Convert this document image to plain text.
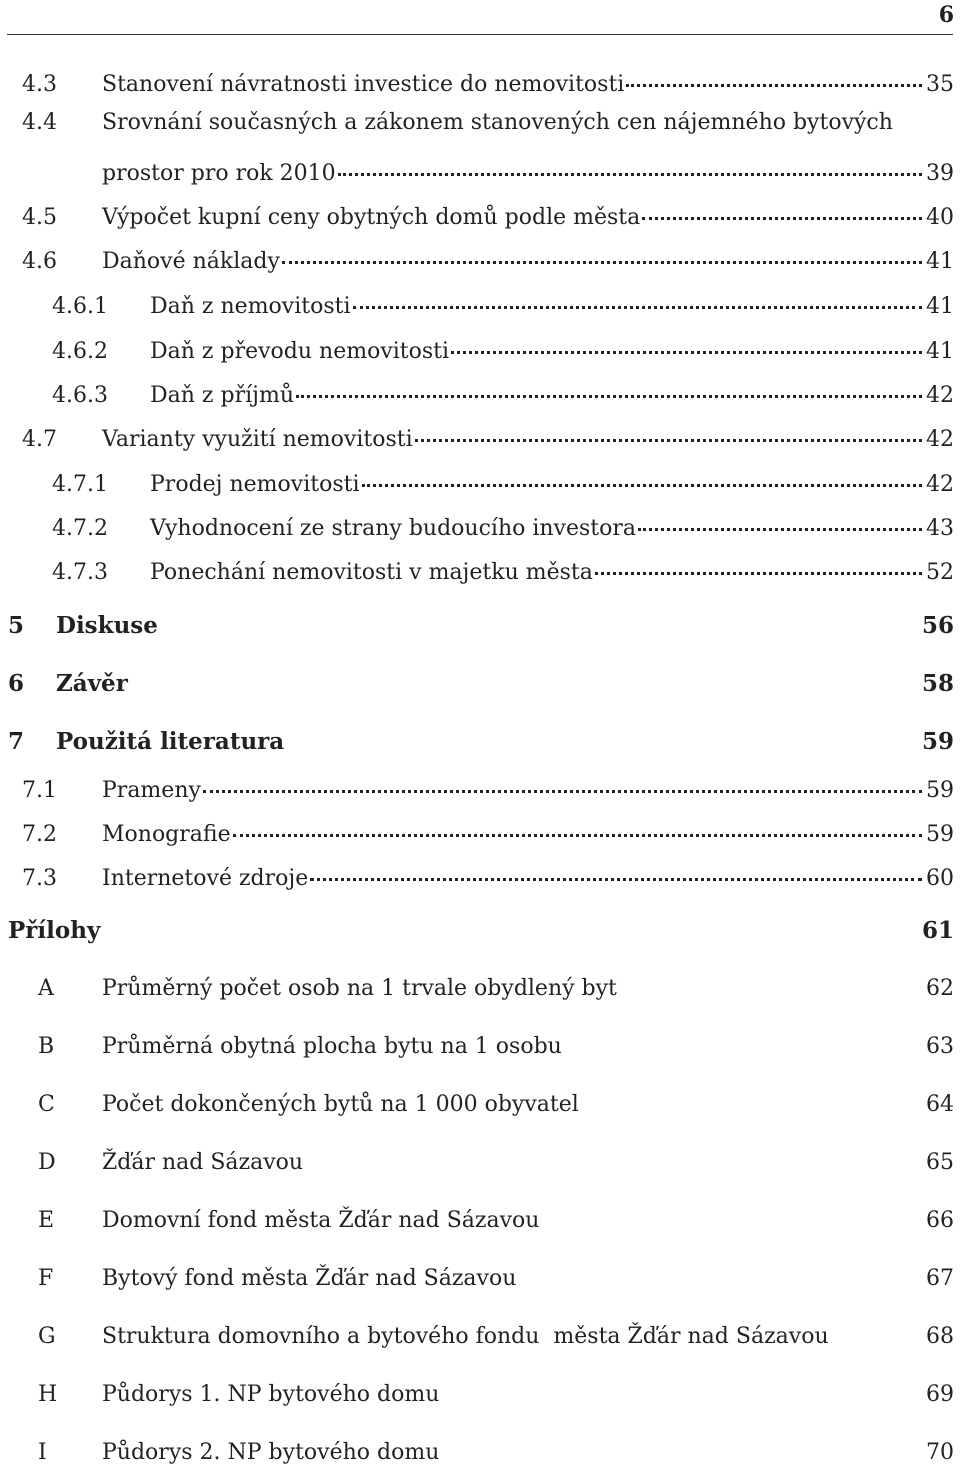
6
4.3	Stanovení návratnosti investice do nemovitosti	35
4.4	Srovnání současných a zákonem stanovených cen nájemného bytových
prostor pro rok 2010	39
4.5	Výpočet kupní ceny obytných domů podle města	40
4.6	Daňové náklady	41
4.6.1	Daň z nemovitosti	41
4.6.2	Daň z převodu nemovitosti	41
4.6.3	Daň z příjmů	42
4.7	Varianty využití nemovitosti	42
4.7.1	Prodej nemovitosti	42
4.7.2	Vyhodnocení ze strany budoucího investora	43
4.7.3	Ponechání nemovitosti v majetku města	52
5	Diskuse	56
6	Závěr	58
7	Použitá literatura	59
7.1	Prameny	59
7.2	Monografie	59
7.3	Internetové zdroje	60
Přílohy	61
A	Průměrný počet osob na 1 trvale obydlený byt	62
B	Průměrná obytná plocha bytu na 1 osobu	63
C	Počet dokončených bytů na 1 000 obyvatel	64
D	Žďár nad Sázavou	65
E	Domovní fond města Žďár nad Sázavou	66
F	Bytový fond města Žďár nad Sázavou	67
G	Struktura domovního a bytového fondu  města Žďár nad Sázavou	68
H	Půdorys 1. NP bytového domu	69
I	Půdorys 2. NP bytového domu	70
